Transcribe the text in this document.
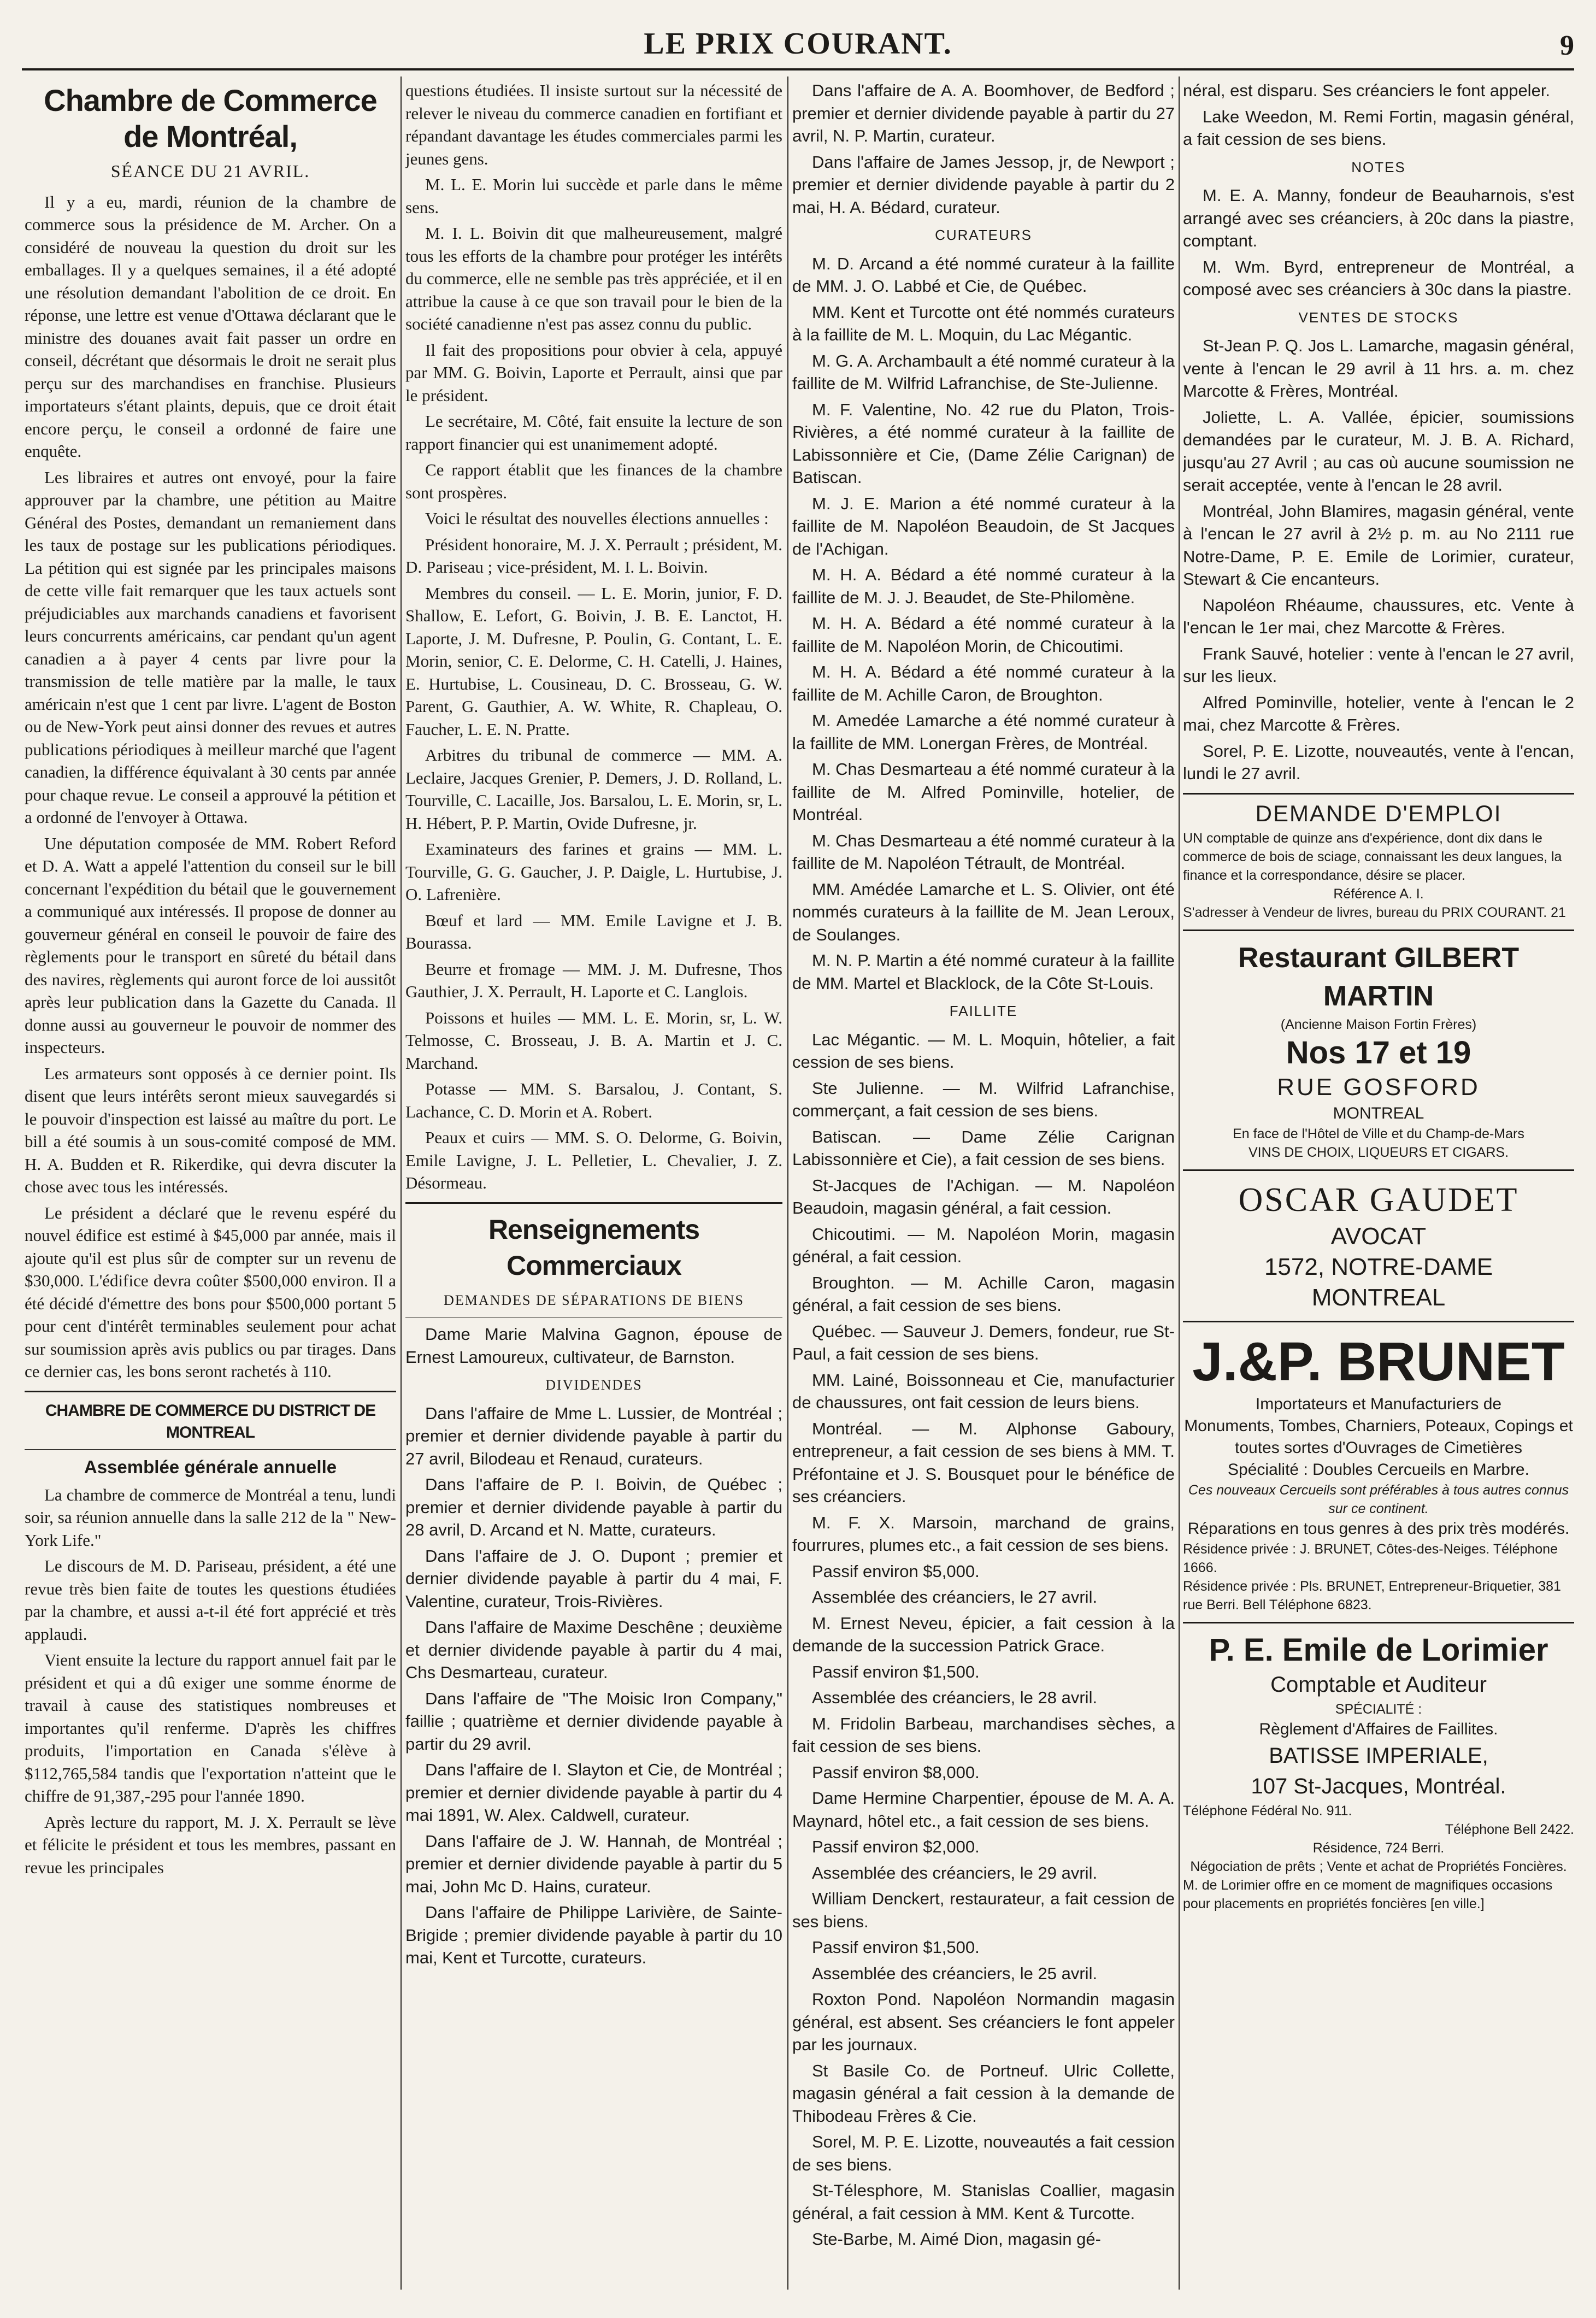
LE PRIX COURANT.	9
Chambre de Commerce de Montréal,
SÉANCE DU 21 AVRIL.

Il y a eu, mardi, réunion de la chambre de commerce sous la présidence de M. Archer. On a considéré de nouveau la question du droit sur les emballages. Il y a quelques semaines, il a été adopté une résolution demandant l'abolition de ce droit. En réponse, une lettre est venue d'Ottawa déclarant que le ministre des douanes avait fait passer un ordre en conseil, décrétant que désormais le droit ne serait plus perçu sur des marchandises en franchise. Plusieurs importateurs s'étant plaints, depuis, que ce droit était encore perçu, le conseil a ordonné de faire une enquête.

Les libraires et autres ont envoyé, pour la faire approuver par la chambre, une pétition au Maitre Général des Postes, demandant un remaniement dans les taux de postage sur les publications périodiques. La pétition qui est signée par les principales maisons de cette ville fait remarquer que les taux actuels sont préjudiciables aux marchands canadiens et favorisent leurs concurrents américains, car pendant qu'un agent canadien a à payer 4 cents par livre pour la transmission de telle matière par la malle, le taux américain n'est que 1 cent par livre. L'agent de Boston ou de New-York peut ainsi donner des revues et autres publications périodiques à meilleur marché que l'agent canadien, la différence équivalant à 30 cents par année pour chaque revue. Le conseil a approuvé la pétition et a ordonné de l'envoyer à Ottawa.

Une députation composée de MM. Robert Reford et D. A. Watt a appelé l'attention du conseil sur le bill concernant l'expédition du bétail que le gouvernement a communiqué aux intéressés. Il propose de donner au gouverneur général en conseil le pouvoir de faire des règlements pour le transport en sûreté du bétail dans des navires, règlements qui auront force de loi aussitôt après leur publication dans la Gazette du Canada. Il donne aussi au gouverneur le pouvoir de nommer des inspecteurs.

Les armateurs sont opposés à ce dernier point. Ils disent que leurs intérêts seront mieux sauvegardés si le pouvoir d'inspection est laissé au maître du port. Le bill a été soumis à un sous-comité composé de MM. H. A. Budden et R. Rikerdike, qui devra discuter la chose avec tous les intéressés.

Le président a déclaré que le revenu espéré du nouvel édifice est estimé à $45,000 par année, mais il ajoute qu'il est plus sûr de compter sur un revenu de $30,000. L'édifice devra coûter $500,000 environ. Il a été décidé d'émettre des bons pour $500,000 portant 5 pour cent d'intérêt terminables seulement pour achat sur soumission après avis publics ou par tirages. Dans ce dernier cas, les bons seront rachetés à 110.

CHAMBRE DE COMMERCE DU DISTRICT DE MONTREAL
Assemblée générale annuelle

La chambre de commerce de Montréal a tenu, lundi soir, sa réunion annuelle dans la salle 212 de la " New-York Life."

Le discours de M. D. Pariseau, président, a été une revue très bien faite de toutes les questions étudiées par la chambre, et aussi a-t-il été fort apprécié et très applaudi.

Vient ensuite la lecture du rapport annuel fait par le président et qui a dû exiger une somme énorme de travail à cause des statistiques nombreuses et importantes qu'il renferme. D'après les chiffres produits, l'importation en Canada s'élève à $112,765,584 tandis que l'exportation n'atteint que le chiffre de 91,387,-295 pour l'année 1890.

Après lecture du rapport, M. J. X. Perrault se lève et félicite le président et tous les membres, passant en revue les principales

questions étudiées. Il insiste surtout sur la nécessité de relever le niveau du commerce canadien en fortifiant et répandant davantage les études commerciales parmi les jeunes gens.

M. L. E. Morin lui succède et parle dans le même sens.

M. I. L. Boivin dit que malheureusement, malgré tous les efforts de la chambre pour protéger les intérêts du commerce, elle ne semble pas très appréciée, et il en attribue la cause à ce que son travail pour le bien de la société canadienne n'est pas assez connu du public.

Il fait des propositions pour obvier à cela, appuyé par MM. G. Boivin, Laporte et Perrault, ainsi que par le président.

Le secrétaire, M. Côté, fait ensuite la lecture de son rapport financier qui est unanimement adopté.

Ce rapport établit que les finances de la chambre sont prospères.

Voici le résultat des nouvelles élections annuelles :

Président honoraire, M. J. X. Perrault ; président, M. D. Pariseau ; vice-président, M. I. L. Boivin.

Membres du conseil. — L. E. Morin, junior, F. D. Shallow, E. Lefort, G. Boivin, J. B. E. Lanctot, H. Laporte, J. M. Dufresne, P. Poulin, G. Contant, L. E. Morin, senior, C. E. Delorme, C. H. Catelli, J. Haines, E. Hurtubise, L. Cousineau, D. C. Brosseau, G. W. Parent, G. Gauthier, A. W. White, R. Chapleau, O. Faucher, L. E. N. Pratte.

Arbitres du tribunal de commerce — MM. A. Leclaire, Jacques Grenier, P. Demers, J. D. Rolland, L. Tourville, C. Lacaille, Jos. Barsalou, L. E. Morin, sr, L. H. Hébert, P. P. Martin, Ovide Dufresne, jr.

Examinateurs des farines et grains — MM. L. Tourville, G. G. Gaucher, J. P. Daigle, L. Hurtubise, J. O. Lafrenière.

Bœuf et lard — MM. Emile Lavigne et J. B. Bourassa.

Beurre et fromage — MM. J. M. Dufresne, Thos Gauthier, J. X. Perrault, H. Laporte et C. Langlois.

Poissons et huiles — MM. L. E. Morin, sr, L. W. Telmosse, C. Brosseau, J. B. A. Martin et J. C. Marchand.

Potasse — MM. S. Barsalou, J. Contant, S. Lachance, C. D. Morin et A. Robert.

Peaux et cuirs — MM. S. O. Delorme, G. Boivin, Emile Lavigne, J. L. Pelletier, L. Chevalier, J. Z. Désormeau.

Renseignements Commerciaux
DEMANDES DE SÉPARATIONS DE BIENS

Dame Marie Malvina Gagnon, épouse de Ernest Lamoureux, cultivateur, de Barnston.

DIVIDENDES

Dans l'affaire de Mme L. Lussier, de Montréal ; premier et dernier dividende payable à partir du 27 avril, Bilodeau et Renaud, curateurs.

Dans l'affaire de P. I. Boivin, de Québec ; premier et dernier dividende payable à partir du 28 avril, D. Arcand et N. Matte, curateurs.

Dans l'affaire de J. O. Dupont ; premier et dernier dividende payable à partir du 4 mai, F. Valentine, curateur, Trois-Rivières.

Dans l'affaire de Maxime Deschêne ; deuxième et dernier dividende payable à partir du 4 mai, Chs Desmarteau, curateur.

Dans l'affaire de "The Moisic Iron Company," faillie ; quatrième et dernier dividende payable à partir du 29 avril.

Dans l'affaire de I. Slayton et Cie, de Montréal ; premier et dernier dividende payable à partir du 4 mai 1891, W. Alex. Caldwell, curateur.

Dans l'affaire de J. W. Hannah, de Montréal ; premier et dernier dividende payable à partir du 5 mai, John Mc D. Hains, curateur.

Dans l'affaire de Philippe Larivière, de Sainte-Brigide ; premier dividende payable à partir du 10 mai, Kent et Turcotte, curateurs.

Dans l'affaire de A. A. Boomhover, de Bedford ; premier et dernier dividende payable à partir du 27 avril, N. P. Martin, curateur.

Dans l'affaire de James Jessop, jr, de Newport ; premier et dernier dividende payable à partir du 2 mai, H. A. Bédard, curateur.

CURATEURS

M. D. Arcand a été nommé curateur à la faillite de MM. J. O. Labbé et Cie, de Québec.

MM. Kent et Turcotte ont été nommés curateurs à la faillite de M. L. Moquin, du Lac Mégantic.

M. G. A. Archambault a été nommé curateur à la faillite de M. Wilfrid Lafranchise, de Ste-Julienne.

M. F. Valentine, No. 42 rue du Platon, Trois-Rivières, a été nommé curateur à la faillite de Labissonnière et Cie, (Dame Zélie Carignan) de Batiscan.

M. J. E. Marion a été nommé curateur à la faillite de M. Napoléon Beaudoin, de St Jacques de l'Achigan.

M. H. A. Bédard a été nommé curateur à la faillite de M. J. J. Beaudet, de Ste-Philomène.

M. H. A. Bédard a été nommé curateur à la faillite de M. Napoléon Morin, de Chicoutimi.

M. H. A. Bédard a été nommé curateur à la faillite de M. Achille Caron, de Broughton.

M. Amedée Lamarche a été nommé curateur à la faillite de MM. Lonergan Frères, de Montréal.

M. Chas Desmarteau a été nommé curateur à la faillite de M. Alfred Pominville, hotelier, de Montréal.

M. Chas Desmarteau a été nommé curateur à la faillite de M. Napoléon Tétrault, de Montréal.

MM. Amédée Lamarche et L. S. Olivier, ont été nommés curateurs à la faillite de M. Jean Leroux, de Soulanges.

M. N. P. Martin a été nommé curateur à la faillite de MM. Martel et Blacklock, de la Côte St-Louis.

FAILLITE

Lac Mégantic. — M. L. Moquin, hôtelier, a fait cession de ses biens.

Ste Julienne. — M. Wilfrid Lafranchise, commerçant, a fait cession de ses biens.

Batiscan. — Dame Zélie Carignan Labissonnière et Cie), a fait cession de ses biens.

St-Jacques de l'Achigan. — M. Napoléon Beaudoin, magasin général, a fait cession.

Chicoutimi. — M. Napoléon Morin, magasin général, a fait cession.

Broughton. — M. Achille Caron, magasin général, a fait cession de ses biens.

Québec. — Sauveur J. Demers, fondeur, rue St-Paul, a fait cession de ses biens.

MM. Lainé, Boissonneau et Cie, manufacturier de chaussures, ont fait cession de leurs biens.

Montréal. — M. Alphonse Gaboury, entrepreneur, a fait cession de ses biens à MM. T. Préfontaine et J. S. Bousquet pour le bénéfice de ses créanciers.

M. F. X. Marsoin, marchand de grains, fourrures, plumes etc., a fait cession de ses biens.

Passif environ $5,000.

Assemblée des créanciers, le 27 avril.

M. Ernest Neveu, épicier, a fait cession à la demande de la succession Patrick Grace.

Passif environ $1,500.

Assemblée des créanciers, le 28 avril.

M. Fridolin Barbeau, marchandises sèches, a fait cession de ses biens.

Passif environ $8,000.

Dame Hermine Charpentier, épouse de M. A. A. Maynard, hôtel etc., a fait cession de ses biens.

Passif environ $2,000.

Assemblée des créanciers, le 29 avril.

William Denckert, restaurateur, a fait cession de ses biens.

Passif environ $1,500.

Assemblée des créanciers, le 25 avril.

Roxton Pond. Napoléon Normandin magasin général, est absent. Ses créanciers le font appeler par les journaux.

St Basile Co. de Portneuf. Ulric Collette, magasin général a fait cession à la demande de Thibodeau Frères & Cie.

Sorel, M. P. E. Lizotte, nouveautés a fait cession de ses biens.

St-Télesphore, M. Stanislas Coallier, magasin général, a fait cession à MM. Kent & Turcotte.

Ste-Barbe, M. Aimé Dion, magasin gé-

néral, est disparu. Ses créanciers le font appeler.

Lake Weedon, M. Remi Fortin, magasin général, a fait cession de ses biens.

NOTES

M. E. A. Manny, fondeur de Beauharnois, s'est arrangé avec ses créanciers, à 20c dans la piastre, comptant.

M. Wm. Byrd, entrepreneur de Montréal, a composé avec ses créanciers à 30c dans la piastre.

VENTES DE STOCKS

St-Jean P. Q. Jos L. Lamarche, magasin général, vente à l'encan le 29 avril à 11 hrs. a. m. chez Marcotte & Frères, Montréal.

Joliette, L. A. Vallée, épicier, soumissions demandées par le curateur, M. J. B. A. Richard, jusqu'au 27 Avril ; au cas où aucune soumission ne serait acceptée, vente à l'encan le 28 avril.

Montréal, John Blamires, magasin général, vente à l'encan le 27 avril à 2½ p. m. au No 2111 rue Notre-Dame, P. E. Emile de Lorimier, curateur, Stewart & Cie encanteurs.

Napoléon Rhéaume, chaussures, etc. Vente à l'encan le 1er mai, chez Marcotte & Frères.

Frank Sauvé, hotelier : vente à l'encan le 27 avril, sur les lieux.

Alfred Pominville, hotelier, vente à l'encan le 2 mai, chez Marcotte & Frères.

Sorel, P. E. Lizotte, nouveautés, vente à l'encan, lundi le 27 avril.

DEMANDE D'EMPLOI
UN comptable de quinze ans d'expérience, dont dix dans le commerce de bois de sciage, connaissant les deux langues, la finance et la correspondance, désire se placer.
Référence A. I.
S'adresser à Vendeur de livres, bureau du PRIX COURANT. 21
Restaurant GILBERT MARTIN
(Ancienne Maison Fortin Frères)
Nos 17 et 19
RUE GOSFORD
MONTREAL
En face de l'Hôtel de Ville et du Champ-de-Mars
VINS DE CHOIX, LIQUEURS ET CIGARS.
OSCAR GAUDET
AVOCAT
1572, NOTRE-DAME
MONTREAL
J.&P. BRUNET
Importateurs et Manufacturiers de
Monuments, Tombes, Charniers, Poteaux, Copings et toutes sortes d'Ouvrages de Cimetières
Spécialité : Doubles Cercueils en Marbre.
Ces nouveaux Cercueils sont préférables à tous autres connus sur ce continent.
Réparations en tous genres à des prix très modérés.
Résidence privée : J. BRUNET, Côtes-des-Neiges. Téléphone 1666.
Résidence privée : Pls. BRUNET, Entrepreneur-Briquetier, 381 rue Berri. Bell Téléphone 6823.
P. E. Emile de Lorimier
Comptable et Auditeur
SPÉCIALITÉ :
Règlement d'Affaires de Faillites.
BATISSE IMPERIALE,
107 St-Jacques, Montréal.
Téléphone Fédéral No. 911.
Téléphone Bell 2422.
Résidence, 724 Berri.
Négociation de prêts ; Vente et achat de Propriétés Foncières.
M. de Lorimier offre en ce moment de magnifiques occasions pour placements en propriétés foncières [en ville.]
